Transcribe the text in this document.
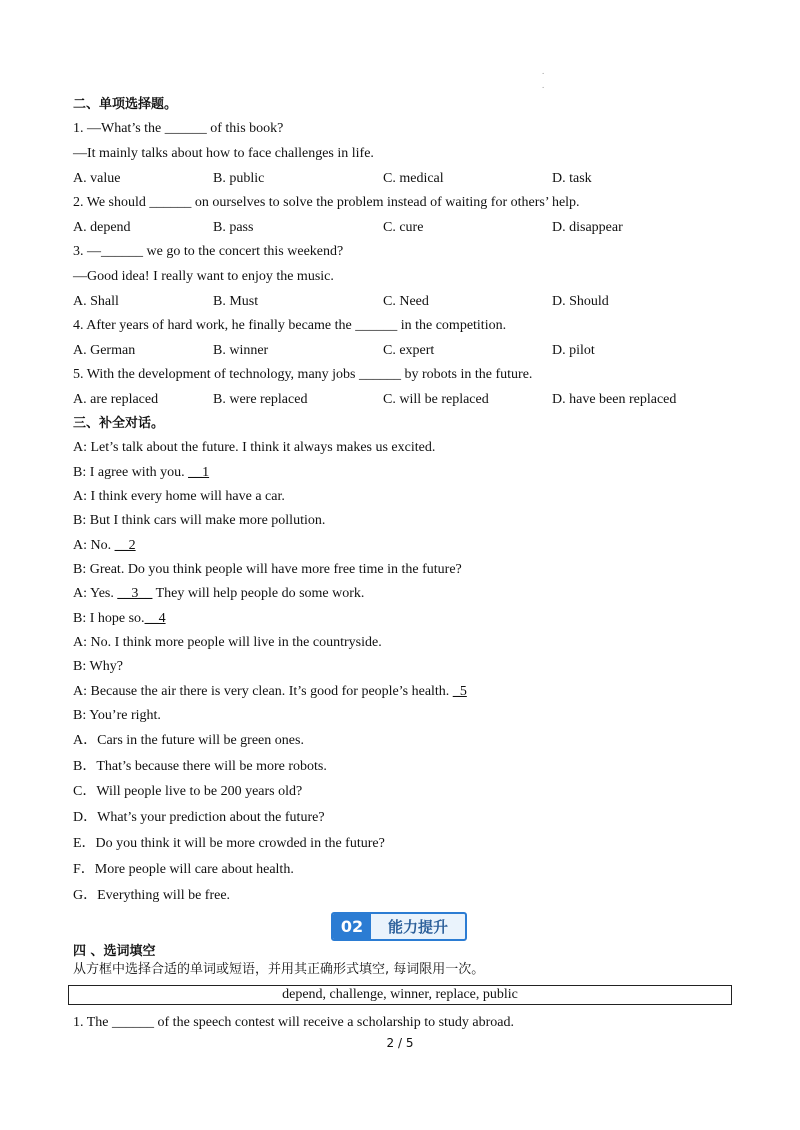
.
.
二、单项选择题。
1. —What’s the ______ of this book?
—It mainly talks about how to face challenges in life.
A. value	B. public	C. medical	D. task
2. We should ______ on ourselves to solve the problem instead of waiting for others’ help.
A. depend	B. pass	C. cure	D. disappear
3. —______ we go to the concert this weekend?
—Good idea! I really want to enjoy the music.
A. Shall	B. Must	C. Need	D. Should
4. After years of hard work, he finally became the ______ in the competition.
A. German	B. winner	C. expert	D. pilot
5. With the development of technology, many jobs ______ by robots in the future.
A. are replaced	B. were replaced	C. will be replaced	D. have been replaced
三、补全对话。
A: Let’s talk about the future. I think it always makes us excited.
B: I agree with you. __1
A: I think every home will have a car.
B: But I think cars will make more pollution.
A: No. __2
B: Great. Do you think people will have more free time in the future?
A: Yes. __3__ They will help people do some work.
B: I hope so.__4
A: No. I think more people will live in the countryside.
B: Why?
A: Because the air there is very clean. It’s good for people’s health. _5
B: You’re right.
A．Cars in the future will be green ones.
B．That’s because there will be more robots.
C．Will people live to be 200 years old?
D．What’s your prediction about the future?
E．Do you think it will be more crowded in the future?
F．More people will care about health.
G．Everything will be free.
02	能力提升
四 、选词填空
从方框中选择合适的单词或短语，并用其正确形式填空, 每词限用一次。
depend, challenge, winner, replace, public
1. The ______ of the speech contest will receive a scholarship to study abroad.
2 / 5
